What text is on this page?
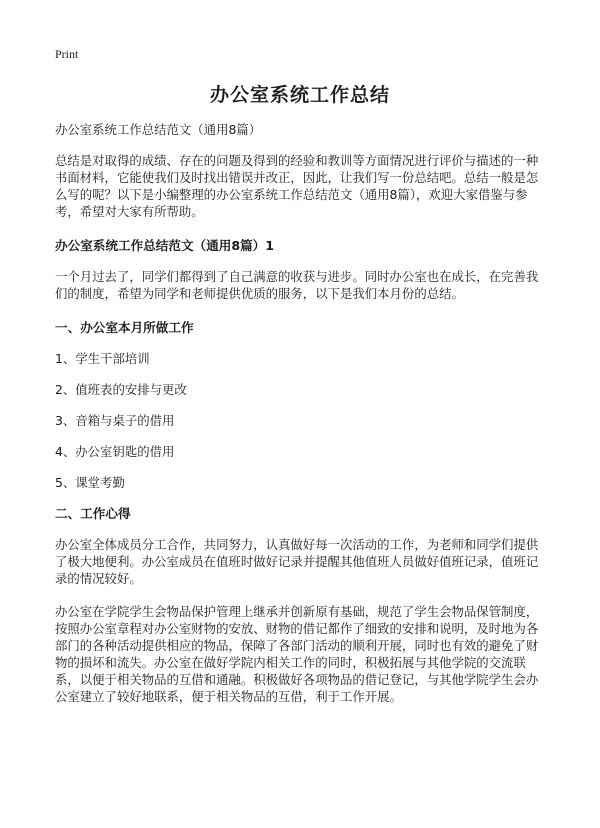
Print
办公室系统工作总结

办公室系统工作总结范文（通用8篇）

总结是对取得的成绩、存在的问题及得到的经验和教训等方面情况进行评价与描述的一种书面材料，它能使我们及时找出错误并改正，因此，让我们写一份总结吧。总结一般是怎么写的呢？以下是小编整理的办公室系统工作总结范文（通用8篇），欢迎大家借鉴与参考，希望对大家有所帮助。

办公室系统工作总结范文（通用8篇）1

一个月过去了，同学们都得到了自己满意的收获与进步。同时办公室也在成长，在完善我们的制度，希望为同学和老师提供优质的服务，以下是我们本月份的总结。

一、办公室本月所做工作

1、学生干部培训
2、值班表的安排与更改
3、音箱与桌子的借用
4、办公室钥匙的借用
5、课堂考勤

二、工作心得

办公室全体成员分工合作，共同努力，认真做好每一次活动的工作，为老师和同学们提供了极大地便利。办公室成员在值班时做好记录并提醒其他值班人员做好值班记录，值班记录的情况较好。

办公室在学院学生会物品保护管理上继承并创新原有基础，规范了学生会物品保管制度，按照办公室章程对办公室财物的安放、财物的借记都作了细致的安排和说明，及时地为各部门的各种活动提供相应的物品，保障了各部门活动的顺利开展，同时也有效的避免了财物的损坏和流失。办公室在做好学院内相关工作的同时，积极拓展与其他学院的交流联系，以便于相关物品的互借和通融。积极做好各项物品的借记登记，与其他学院学生会办公室建立了较好地联系，便于相关物品的互借，利于工作开展。
